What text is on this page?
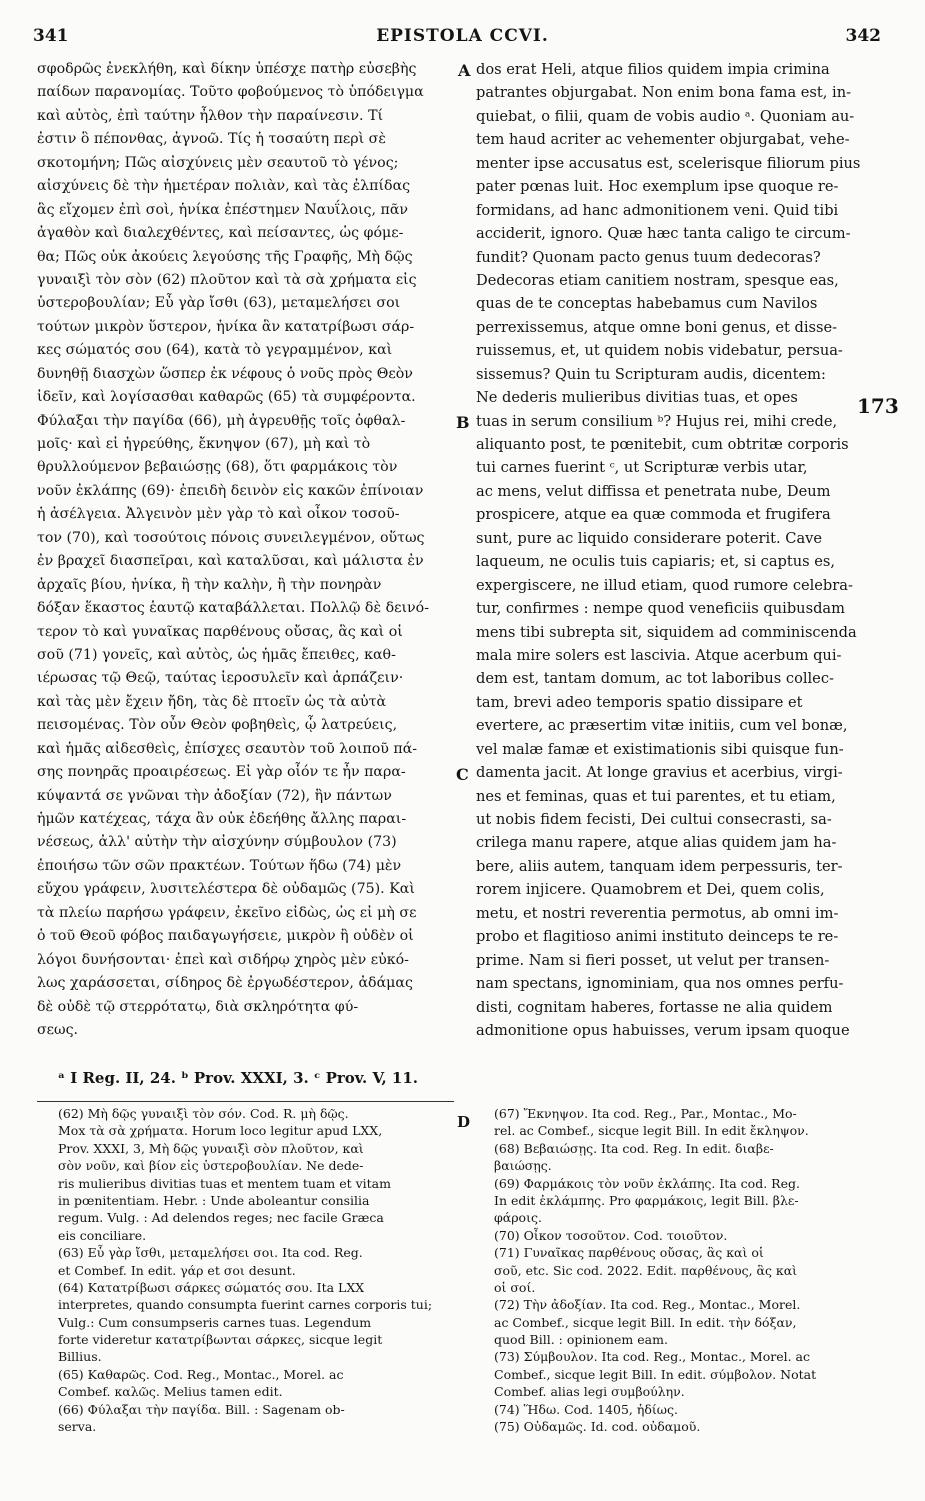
341	EPISTOLA CCVI.	342
σφοδρῶς ἐνεκλήθη, καὶ δίκην ὑπέσχε πατὴρ εὐσεβὴς
παίδων παρανομίας. Τοῦτο φοβούμενος τὸ ὑπόδειγμα
καὶ αὐτὸς, ἐπὶ ταύτην ἦλθον τὴν παραίνεσιν. Τί
ἐστιν ὃ πέπονθας, ἀγνοῶ. Τίς ἡ τοσαύτη περὶ σὲ
σκοτομήνη; Πῶς αἰσχύνεις μὲν σεαυτοῦ τὸ γένος;
αἰσχύνεις δὲ τὴν ἡμετέραν πολιὰν, καὶ τὰς ἐλπίδας
ἃς εἴχομεν ἐπὶ σοὶ, ἡνίκα ἐπέστημεν Ναυΐλοις, πᾶν
ἀγαθὸν καὶ διαλεχθέντες, καὶ πείσαντες, ὡς φόμε-
θα; Πῶς οὐκ ἀκούεις λεγούσης τῆς Γραφῆς, Μὴ δῷς
γυναιξὶ τὸν σὸν (62) πλοῦτον καὶ τὰ σὰ χρήματα εἰς
ὑστεροβουλίαν; Εὖ γὰρ ἴσθι (63), μεταμελήσει σοι
τούτων μικρὸν ὕστερον, ἡνίκα ἂν κατατρίβωσι σάρ-
κες σώματός σου (64), κατὰ τὸ γεγραμμένον, καὶ
δυνηθῇ διασχὼν ὥσπερ ἐκ νέφους ὁ νοῦς πρὸς Θεὸν
ἰδεῖν, καὶ λογίσασθαι καθαρῶς (65) τὰ συμφέροντα.
Φύλαξαι τὴν παγίδα (66), μὴ ἀγρευθῇς τοῖς ὀφθαλ-
μοῖς· καὶ εἰ ἠγρεύθης, ἔκνηψον (67), μὴ καὶ τὸ
θρυλλούμενον βεβαιώσῃς (68), ὅτι φαρμάκοις τὸν
νοῦν ἐκλάπης (69)· ἐπειδὴ δεινὸν εἰς κακῶν ἐπίνοιαν
ἡ ἀσέλγεια. Ἀλγεινὸν μὲν γὰρ τὸ καὶ οἶκον τοσοῦ-
τον (70), καὶ τοσούτοις πόνοις συνειλεγμένον, οὕτως
ἐν βραχεῖ διασπεῖραι, καὶ καταλῦσαι, καὶ μάλιστα ἐν
ἀρχαῖς βίου, ἡνίκα, ἢ τὴν καλὴν, ἢ τὴν πονηρὰν
δόξαν ἕκαστος ἑαυτῷ καταβάλλεται. Πολλῷ δὲ δεινό-
τερον τὸ καὶ γυναῖκας παρθένους οὔσας, ἃς καὶ οἱ
σοῦ (71) γονεῖς, καὶ αὐτὸς, ὡς ἡμᾶς ἔπειθες, καθ-
ιέρωσας τῷ Θεῷ, ταύτας ἱεροσυλεῖν καὶ ἁρπάζειν·
καὶ τὰς μὲν ἔχειν ἤδη, τὰς δὲ πτοεῖν ὡς τὰ αὐτὰ
πεισομένας. Τὸν οὖν Θεὸν φοβηθεὶς, ᾧ λατρεύεις,
καὶ ἡμᾶς αἰδεσθεὶς, ἐπίσχες σεαυτὸν τοῦ λοιποῦ πά-
σης πονηρᾶς προαιρέσεως. Εἰ γὰρ οἷόν τε ἦν παρα-
κύψαντά σε γνῶναι τὴν ἀδοξίαν (72), ἣν πάντων
ἡμῶν κατέχεας, τάχα ἂν οὐκ ἐδεήθης ἄλλης παραι-
νέσεως, ἀλλ' αὐτὴν τὴν αἰσχύνην σύμβουλον (73)
ἐποιήσω τῶν σῶν πρακτέων. Τούτων ἥδω (74) μὲν
εὔχου γράφειν, λυσιτελέστερα δὲ οὐδαμῶς (75). Καὶ
τὰ πλείω παρήσω γράφειν, ἐκεῖνο εἰδὼς, ὡς εἰ μὴ σε
ὁ τοῦ Θεοῦ φόβος παιδαγωγήσειε, μικρὸν ἢ οὐδὲν οἱ
λόγοι δυνήσονται· ἐπεὶ καὶ σιδήρῳ χηρὸς μὲν εὐκό-
λως χαράσσεται, σίδηρος δὲ ἐργωδέστερον, ἀδάμας
δὲ οὐδὲ τῷ στερρότατῳ, διὰ σκληρότητα φύ-
σεως.
dos erat Heli, atque filios quidem impia crimina
patrantes objurgabat. Non enim bona fama est, in-
quiebat, o filii, quam de vobis audio ᵃ. Quoniam au-
tem haud acriter ac vehementer objurgabat, vehe-
menter ipse accusatus est, scelerisque filiorum pius
pater pœnas luit. Hoc exemplum ipse quoque re-
formidans, ad hanc admonitionem veni. Quid tibi
acciderit, ignoro. Quæ hæc tanta caligo te circum-
fundit? Quonam pacto genus tuum dedecoras?
Dedecoras etiam canitiem nostram, spesque eas,
quas de te conceptas habebamus cum Navilos
perrexissemus, atque omne boni genus, et disse-
ruissemus, et, ut quidem nobis videbatur, persua-
sissemus? Quin tu Scripturam audis, dicentem:
Ne dederis mulieribus divitias tuas, et opes
tuas in serum consilium ᵇ? Hujus rei, mihi crede,
aliquanto post, te pœnitebit, cum obtritæ corporis
tui carnes fuerint ᶜ, ut Scripturæ verbis utar,
ac mens, velut diffissa et penetrata nube, Deum
prospicere, atque ea quæ commoda et frugifera
sunt, pure ac liquido considerare poterit. Cave
laqueum, ne oculis tuis capiaris; et, si captus es,
expergiscere, ne illud etiam, quod rumore celebra-
tur, confirmes : nempe quod veneficiis quibusdam
mens tibi subrepta sit, siquidem ad comminiscenda
mala mire solers est lascivia. Atque acerbum qui-
dem est, tantam domum, ac tot laboribus collec-
tam, brevi adeo temporis spatio dissipare et
evertere, ac præsertim vitæ initiis, cum vel bonæ,
vel malæ famæ et existimationis sibi quisque fun-
damenta jacit. At longe gravius et acerbius, virgi-
nes et feminas, quas et tui parentes, et tu etiam,
ut nobis fidem fecisti, Dei cultui consecrasti, sa-
crilega manu rapere, atque alias quidem jam ha-
bere, aliis autem, tanquam idem perpessuris, ter-
rorem injicere. Quamobrem et Dei, quem colis,
metu, et nostri reverentia permotus, ab omni im-
probo et flagitioso animi instituto deinceps te re-
prime. Nam si fieri posset, ut velut per transen-
nam spectans, ignominiam, qua nos omnes perfu-
disti, cognitam haberes, fortasse ne alia quidem
admonitione opus habuisses, verum ipsam quoque
A
B
C
173
ᵃ I Reg. II, 24. ᵇ Prov. XXXI, 3. ᶜ Prov. V, 11.
D
(62) Μὴ δῷς γυναιξὶ τὸν σόν. Cod. R. μὴ δῷς.
Mox τὰ σὰ χρήματα. Horum loco legitur apud LXX,
Prov. XXXI, 3, Μὴ δῷς γυναιξὶ σὸν πλοῦτον, καὶ
σὸν νοῦν, καὶ βίον εἰς ὑστεροβουλίαν. Ne dede-
ris mulieribus divitias tuas et mentem tuam et vitam
in pœnitentiam. Hebr. : Unde aboleantur consilia
regum. Vulg. : Ad delendos reges; nec facile Græca
eis conciliare.
(63) Εὖ γὰρ ἴσθι, μεταμελήσει σοι. Ita cod. Reg.
et Combef. In edit. γάρ et σοι desunt.
(64) Κατατρίβωσι σάρκες σώματός σου. Ita LXX
interpretes, quando consumpta fuerint carnes corporis tui;
Vulg.: Cum consumpseris carnes tuas. Legendum
forte videretur κατατρίβωνται σάρκες, sicque legit
Billius.
(65) Καθαρῶς. Cod. Reg., Montac., Morel. ac
Combef. καλῶς. Melius tamen edit.
(66) Φύλαξαι τὴν παγίδα. Bill. : Sagenam ob-
serva.
(67) Ἔκνηψον. Ita cod. Reg., Par., Montac., Mo-
rel. ac Combef., sicque legit Bill. In edit ἔκληψον.
(68) Βεβαιώσῃς. Ita cod. Reg. In edit. διαβε-
βαιώσῃς.
(69) Φαρμάκοις τὸν νοῦν ἐκλάπης. Ita cod. Reg.
In edit ἐκλάμπης. Pro φαρμάκοις, legit Bill. βλε-
φάροις.
(70) Οἶκον τοσοῦτον. Cod. τοιοῦτον.
(71) Γυναῖκας παρθένους οὔσας, ἃς καὶ οἱ
σοῦ, etc. Sic cod. 2022. Edit. παρθένους, ἃς καὶ
οἱ σοί.
(72) Τὴν ἀδοξίαν. Ita cod. Reg., Montac., Morel.
ac Combef., sicque legit Bill. In edit. τὴν δόξαν,
quod Bill. : opinionem eam.
(73) Σύμβουλον. Ita cod. Reg., Montac., Morel. ac
Combef., sicque legit Bill. In edit. σύμβολον. Notat
Combef. alias legi συμβούλην.
(74) Ἥδω. Cod. 1405, ἡδίως.
(75) Οὐδαμῶς. Id. cod. οὐδαμοῦ.
